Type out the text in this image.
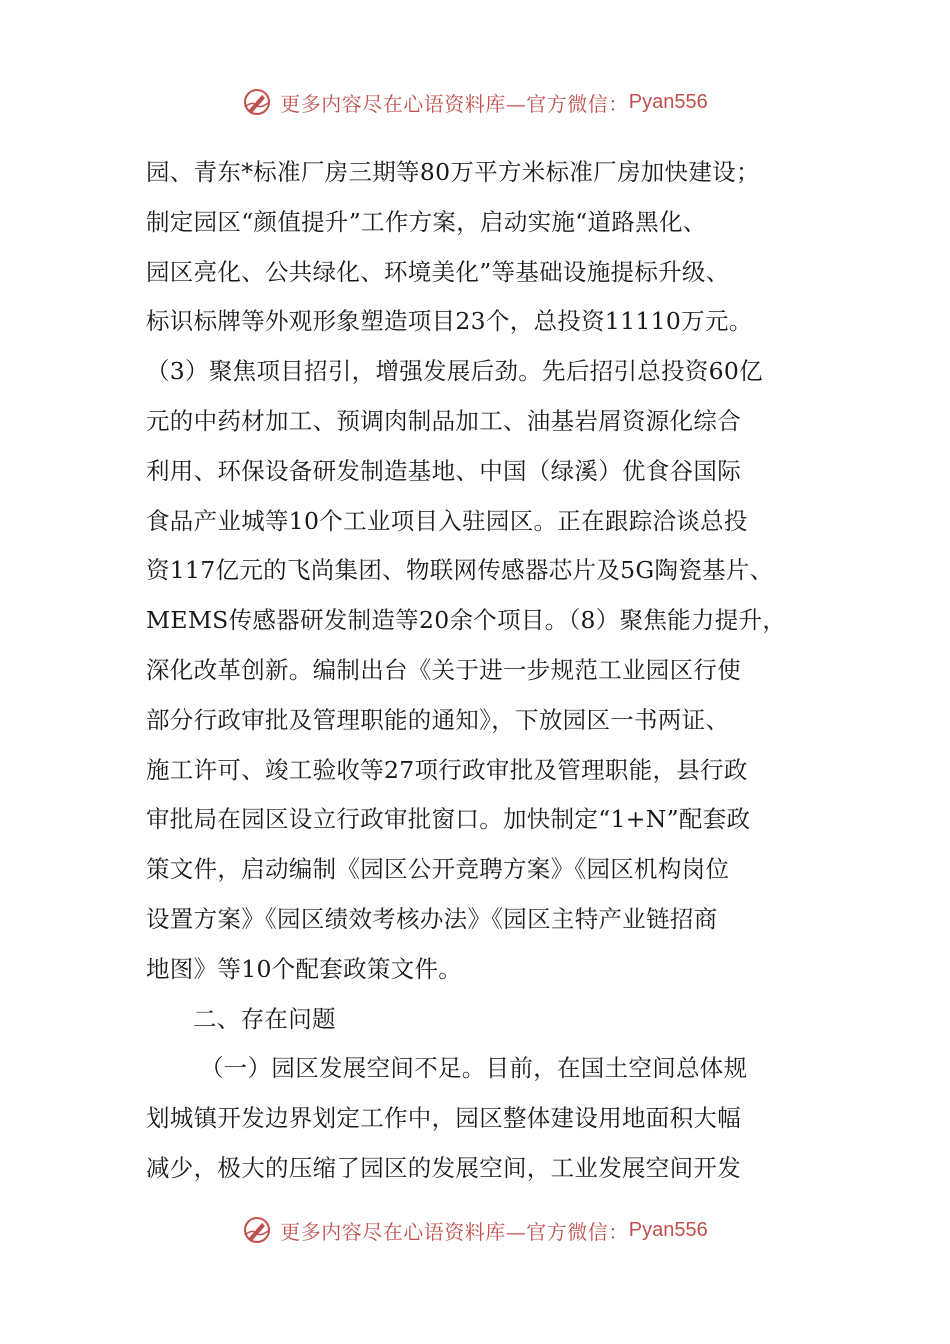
更多内容尽在心语资料库—官方微信： Pyan556
园、青东*标准厂房三期等80万平方米标准厂房加快建设；
制定园区“颜值提升”工作方案，启动实施“道路黑化、
园区亮化、公共绿化、环境美化”等基础设施提标升级、
标识标牌等外观形象塑造项目23个，总投资11110万元。
（3）聚焦项目招引，增强发展后劲。先后招引总投资60亿
元的中药材加工、预调肉制品加工、油基岩屑资源化综合
利用、环保设备研发制造基地、中国（绿溪）优食谷国际
食品产业城等10个工业项目入驻园区。正在跟踪洽谈总投
资117亿元的飞尚集团、物联网传感器芯片及5G陶瓷基片、
MEMS传感器研发制造等20余个项目。（8）聚焦能力提升，
深化改革创新。编制出台《关于进一步规范工业园区行使
部分行政审批及管理职能的通知》，下放园区一书两证、
施工许可、竣工验收等27项行政审批及管理职能，县行政
审批局在园区设立行政审批窗口。加快制定“1+N”配套政
策文件，启动编制《园区公开竞聘方案》《园区机构岗位
设置方案》《园区绩效考核办法》《园区主特产业链招商
地图》等10个配套政策文件。
二、存在问题
（一）园区发展空间不足。目前，在国土空间总体规
划城镇开发边界划定工作中，园区整体建设用地面积大幅
减少，极大的压缩了园区的发展空间，工业发展空间开发
更多内容尽在心语资料库—官方微信： Pyan556
